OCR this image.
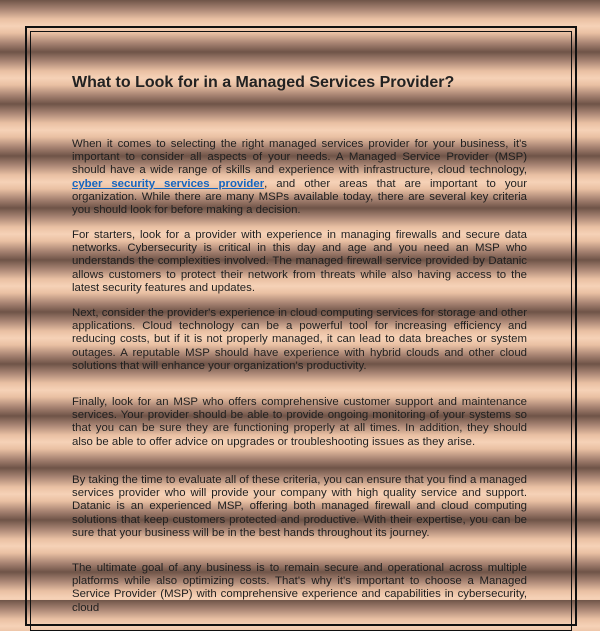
What to Look for in a Managed Services Provider?

When it comes to selecting the right managed services provider for your business, it's important to consider all aspects of your needs. A Managed Service Provider (MSP) should have a wide range of skills and experience with infrastructure, cloud technology, cyber security services provider, and other areas that are important to your organization. While there are many MSPs available today, there are several key criteria you should look for before making a decision.

For starters, look for a provider with experience in managing firewalls and secure data networks. Cybersecurity is critical in this day and age and you need an MSP who understands the complexities involved. The managed firewall service provided by Datanic allows customers to protect their network from threats while also having access to the latest security features and updates.

Next, consider the provider's experience in cloud computing services for storage and other applications. Cloud technology can be a powerful tool for increasing efficiency and reducing costs, but if it is not properly managed, it can lead to data breaches or system outages. A reputable MSP should have experience with hybrid clouds and other cloud solutions that will enhance your organization's productivity.

Finally, look for an MSP who offers comprehensive customer support and maintenance services. Your provider should be able to provide ongoing monitoring of your systems so that you can be sure they are functioning properly at all times. In addition, they should also be able to offer advice on upgrades or troubleshooting issues as they arise.

By taking the time to evaluate all of these criteria, you can ensure that you find a managed services provider who will provide your company with high quality service and support. Datanic is an experienced MSP, offering both managed firewall and cloud computing solutions that keep customers protected and productive. With their expertise, you can be sure that your business will be in the best hands throughout its journey.

The ultimate goal of any business is to remain secure and operational across multiple platforms while also optimizing costs. That's why it's important to choose a Managed Service Provider (MSP) with comprehensive experience and capabilities in cybersecurity, cloud
